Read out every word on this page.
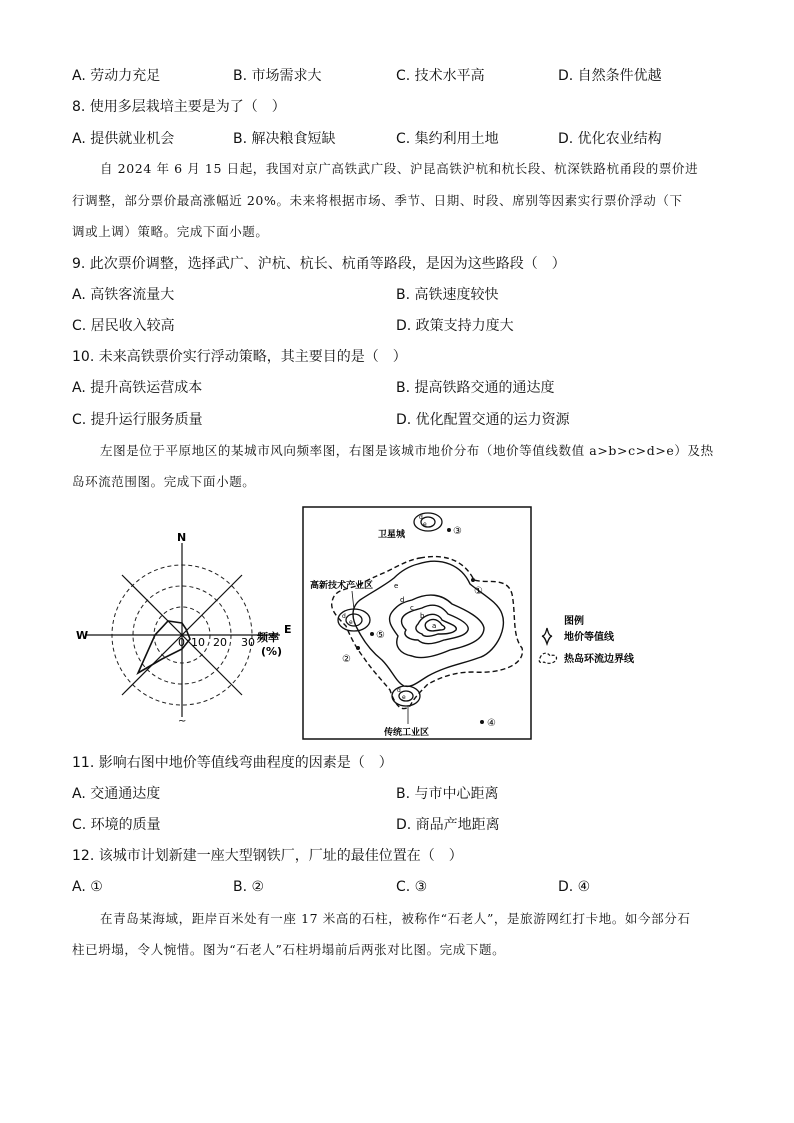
A. 劳动力充足	B. 市场需求大	C. 技术水平高	D. 自然条件优越
8. 使用多层栽培主要是为了（　）
A. 提供就业机会	B. 解决粮食短缺	C. 集约利用土地	D. 优化农业结构
自 2024 年 6 月 15 日起，我国对京广高铁武广段、沪昆高铁沪杭和杭长段、杭深铁路杭甬段的票价进
行调整，部分票价最高涨幅近 20%。未来将根据市场、季节、日期、时段、席别等因素实行票价浮动（下
调或上调）策略。完成下面小题。
9. 此次票价调整，选择武广、沪杭、杭长、杭甬等路段，是因为这些路段（　）
A. 高铁客流量大	B. 高铁速度较快
C. 居民收入较高	D. 政策支持力度大
10. 未来高铁票价实行浮动策略，其主要目的是（　）
A. 提升高铁运营成本	B. 提高铁路交通的通达度
C. 提升运行服务质量	D. 优化配置交通的运力资源
左图是位于平原地区的某城市风向频率图，右图是该城市地价分布（地价等值线数值 a>b>c>d>e）及热
岛环流范围图。完成下面小题。
N
W	E
0 10 20 30 频率
(%)
~
a
b
c
d
e
d
e
d
e
d
e
卫星城
高新技术产业区
传统工业区
③
①
⑤
②
④
图例
地价等值线
热岛环流边界线
11. 影响右图中地价等值线弯曲程度的因素是（　）
A. 交通通达度	B. 与市中心距离
C. 环境的质量	D. 商品产地距离
12. 该城市计划新建一座大型钢铁厂，厂址的最佳位置在（　）
A. ①	B. ②	C. ③	D. ④
在青岛某海域，距岸百米处有一座 17 米高的石柱，被称作“石老人”，是旅游网红打卡地。如今部分石
柱已坍塌，令人惋惜。图为“石老人”石柱坍塌前后两张对比图。完成下题。
